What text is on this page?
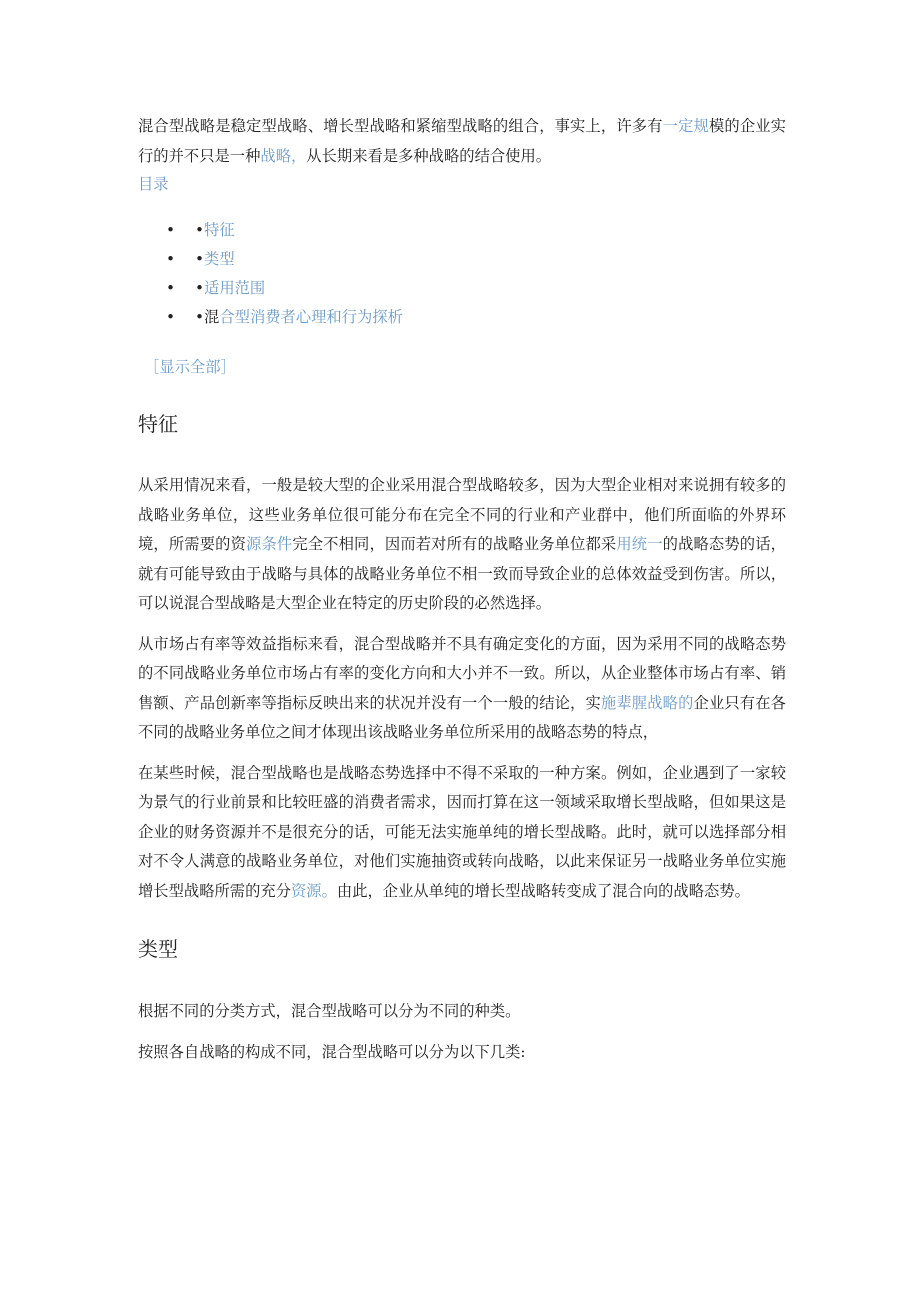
混合型战略是稳定型战略、增长型战略和紧缩型战略的组合，事实上，许多有一定规模的企业实行的并不只是一种战略，从长期来看是多种战略的结合使用。

目录
• •特征
• •类型
• •适用范围
• •混合型消费者心理和行为探析
［显示全部］
特征

从采用情况来看，一般是较大型的企业采用混合型战略较多，因为大型企业相对来说拥有较多的战略业务单位，这些业务单位很可能分布在完全不同的行业和产业群中，他们所面临的外界环境，所需要的资源条件完全不相同，因而若对所有的战略业务单位都采用统一的战略态势的话，就有可能导致由于战略与具体的战略业务单位不相一致而导致企业的总体效益受到伤害。所以，可以说混合型战略是大型企业在特定的历史阶段的必然选择。

从市场占有率等效益指标来看，混合型战略并不具有确定变化的方面，因为采用不同的战略态势的不同战略业务单位市场占有率的变化方向和大小并不一致。所以，从企业整体市场占有率、销售额、产品创新率等指标反映出来的状况并没有一个一般的结论，实施辈腥战略的企业只有在各不同的战略业务单位之间才体现出该战略业务单位所采用的战略态势的特点，

在某些时候，混合型战略也是战略态势选择中不得不采取的一种方案。例如，企业遇到了一家较为景气的行业前景和比较旺盛的消费者需求，因而打算在这一领域采取增长型战略，但如果这是企业的财务资源并不是很充分的话，可能无法实施单纯的增长型战略。此时，就可以选择部分相对不令人满意的战略业务单位，对他们实施抽资或转向战略，以此来保证另一战略业务单位实施增长型战略所需的充分资源。由此，企业从单纯的增长型战略转变成了混合向的战略态势。

类型

根据不同的分类方式，混合型战略可以分为不同的种类。

按照各自战略的构成不同，混合型战略可以分为以下几类:
